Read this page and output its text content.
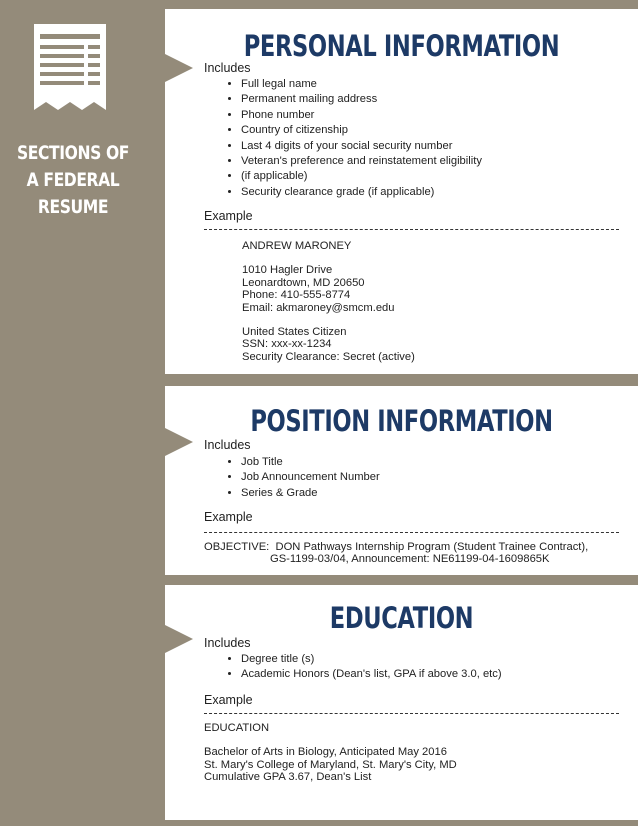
SECTIONS OF
A FEDERAL
RESUME
PERSONAL INFORMATION
Includes
• Full legal name
• Permanent mailing address
• Phone number
• Country of citizenship
• Last 4 digits of your social security number
• Veteran's preference and reinstatement eligibility
• (if applicable)
• Security clearance grade (if applicable)
Example
ANDREW MARONEY
1010 Hagler Drive
Leonardtown, MD 20650
Phone: 410-555-8774
Email: akmaroney@smcm.edu
United States Citizen
SSN: xxx-xx-1234
Security Clearance: Secret (active)
POSITION INFORMATION
Includes
• Job Title
• Job Announcement Number
• Series & Grade
Example
OBJECTIVE:  DON Pathways Internship Program (Student Trainee Contract),
GS-1199-03/04, Announcement: NE61199-04-1609865K
EDUCATION
Includes
• Degree title (s)
• Academic Honors (Dean's list, GPA if above 3.0, etc)
Example
EDUCATION
Bachelor of Arts in Biology, Anticipated May 2016
St. Mary's College of Maryland, St. Mary's City, MD
Cumulative GPA 3.67, Dean's List
